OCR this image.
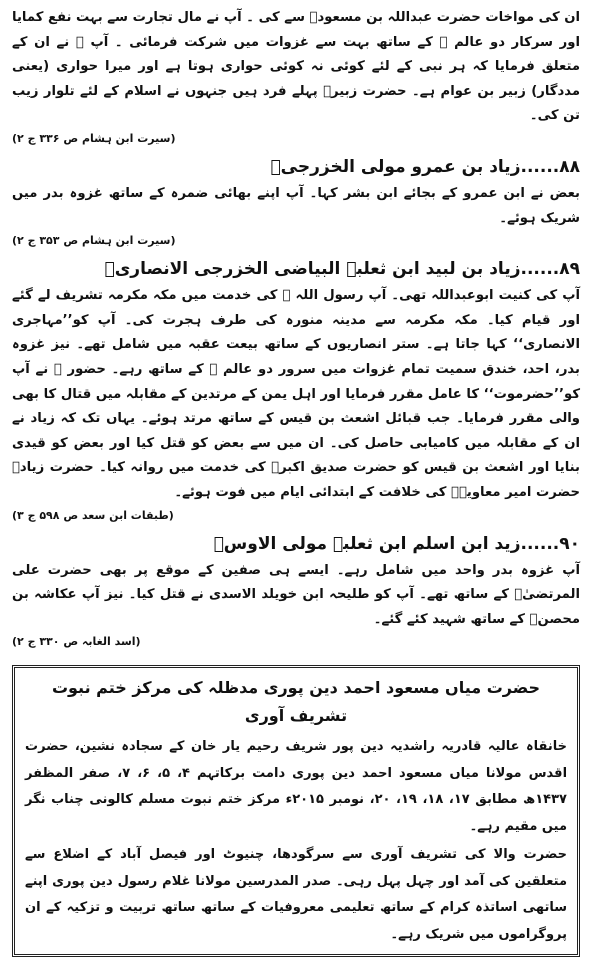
ان کی مواخات حضرت عبداللہ بن مسعودؓ سے کی ۔ آپ نے مال تجارت سے بہت نفع کمایا اور سرکار دو عالم ﷺ کے ساتھ بہت سے غزوات میں شرکت فرمائی ۔ آپ ﷺ نے ان کے متعلق فرمایا کہ ہر نبی کے لئے کوئی نہ کوئی حواری ہوتا ہے اور میرا حواری (یعنی مددگار) زبیر بن عوام ہے۔ حضرت زبیرؓ پہلے فرد ہیں جنہوں نے اسلام کے لئے تلوار زیب تن کی۔

(سیرت ابن ہشام ص ۳۳۶ ج ۲)
۸۸......زیاد بن عمرو مولی الخزرجیؓ

بعض نے ابن عمرو کے بجائے ابن بشر کہا۔ آپ اپنے بھائی ضمرہ کے ساتھ غزوہ بدر میں شریک ہوئے۔

(سیرت ابن ہشام ص ۳۵۳ ج ۲)
۸۹......زیاد بن لبید ابن ثعلبہ البیاضی الخزرجی الانصاریؓ

آپ کی کنیت ابوعبداللہ تھی۔ آپ رسول اللہ ﷺ کی خدمت میں مکہ مکرمہ تشریف لے گئے اور قیام کیا۔ مکہ مکرمہ سے مدینہ منورہ کی طرف ہجرت کی۔ آپ کو’’مہاجری الانصاری‘‘ کہا جاتا ہے۔ ستر انصاریوں کے ساتھ بیعت عقبہ میں شامل تھے۔ نیز غزوہ بدر، احد، خندق سمیت تمام غزوات میں سرور دو عالم ﷺ کے ساتھ رہے۔ حضور ﷺ نے آپ کو’’حضرموت‘‘ کا عامل مقرر فرمایا اور اہل یمن کے مرتدین کے مقابلہ میں قتال کا بھی والی مقرر فرمایا۔ جب قبائل اشعث بن قیس کے ساتھ مرتد ہوئے۔ یہاں تک کہ زیاد نے ان کے مقابلہ میں کامیابی حاصل کی۔ ان میں سے بعض کو قتل کیا اور بعض کو قیدی بنایا اور اشعث بن قیس کو حضرت صدیق اکبرؓ کی خدمت میں روانہ کیا۔ حضرت زیادؓ حضرت امیر معاویہؓ کی خلافت کے ابتدائی ایام میں فوت ہوئے۔

(طبقات ابن سعد ص ۵۹۸ ج ۳)
۹۰......زید ابن اسلم ابن ثعلبہ مولی الاوسؓ

آپ غزوہ بدر واحد میں شامل رہے۔ ایسے ہی صفین کے موقع پر بھی حضرت علی المرتضیٰؓ کے ساتھ تھے۔ آپ کو طلیحہ ابن خویلد الاسدی نے قتل کیا۔ نیز آپ عکاشہ بن محصنؓ کے ساتھ شہید کئے گئے۔

(اسد الغابہ ص ۳۳۰ ج ۲)
حضرت میاں مسعود احمد دین پوری مدظلہ کی مرکز ختم نبوت تشریف آوری

خانقاہ عالیہ قادریہ راشدیہ دین پور شریف رحیم یار خان کے سجادہ نشین، حضرت اقدس مولانا میاں مسعود احمد دین پوری دامت برکاتہم ۴، ۵، ۶، ۷، صفر المظفر ۱۴۳۷ھ مطابق ۱۷، ۱۸، ۱۹، ۲۰، نومبر ۲۰۱۵ء مرکز ختم نبوت مسلم کالونی چناب نگر میں مقیم رہے۔

حضرت والا کی تشریف آوری سے سرگودھا، چنیوٹ اور فیصل آباد کے اضلاع سے متعلقین کی آمد اور چہل پہل رہی۔ صدر المدرسین مولانا غلام رسول دین پوری اپنے ساتھی اساتذہ کرام کے ساتھ تعلیمی معروفیات کے ساتھ ساتھ تربیت و تزکیہ کے ان پروگراموں میں شریک رہے۔
